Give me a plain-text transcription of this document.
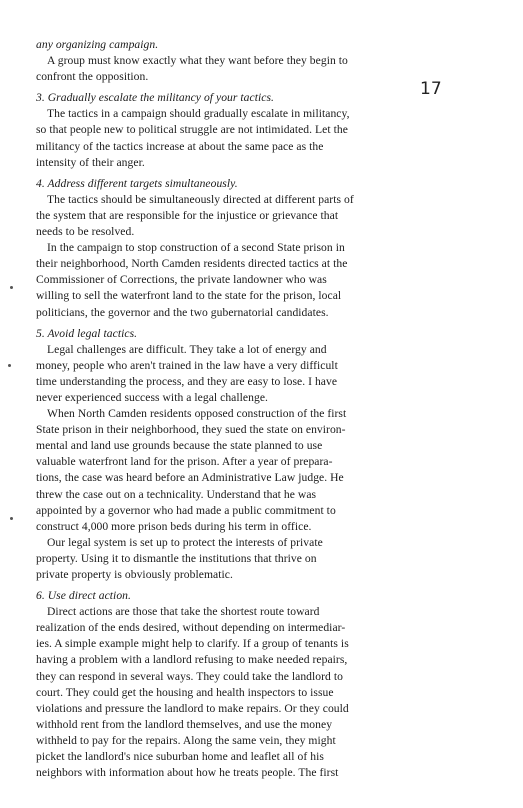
17
any organizing campaign.
A group must know exactly what they want before they begin to
confront the opposition.
3. Gradually escalate the militancy of your tactics.
The tactics in a campaign should gradually escalate in militancy,
so that people new to political struggle are not intimidated. Let the
militancy of the tactics increase at about the same pace as the
intensity of their anger.
4. Address different targets simultaneously.
The tactics should be simultaneously directed at different parts of
the system that are responsible for the injustice or grievance that
needs to be resolved.
In the campaign to stop construction of a second State prison in
their neighborhood, North Camden residents directed tactics at the
Commissioner of Corrections, the private landowner who was
willing to sell the waterfront land to the state for the prison, local
politicians, the governor and the two gubernatorial candidates.
5. Avoid legal tactics.
Legal challenges are difficult. They take a lot of energy and
money, people who aren't trained in the law have a very difficult
time understanding the process, and they are easy to lose. I have
never experienced success with a legal challenge.
When North Camden residents opposed construction of the first
State prison in their neighborhood, they sued the state on environ-
mental and land use grounds because the state planned to use
valuable waterfront land for the prison. After a year of prepara-
tions, the case was heard before an Administrative Law judge. He
threw the case out on a technicality. Understand that he was
appointed by a governor who had made a public commitment to
construct 4,000 more prison beds during his term in office.
Our legal system is set up to protect the interests of private
property. Using it to dismantle the institutions that thrive on
private property is obviously problematic.
6. Use direct action.
Direct actions are those that take the shortest route toward
realization of the ends desired, without depending on intermediar-
ies. A simple example might help to clarify. If a group of tenants is
having a problem with a landlord refusing to make needed repairs,
they can respond in several ways. They could take the landlord to
court. They could get the housing and health inspectors to issue
violations and pressure the landlord to make repairs. Or they could
withhold rent from the landlord themselves, and use the money
withheld to pay for the repairs. Along the same vein, they might
picket the landlord's nice suburban home and leaflet all of his
neighbors with information about how he treats people. The first
